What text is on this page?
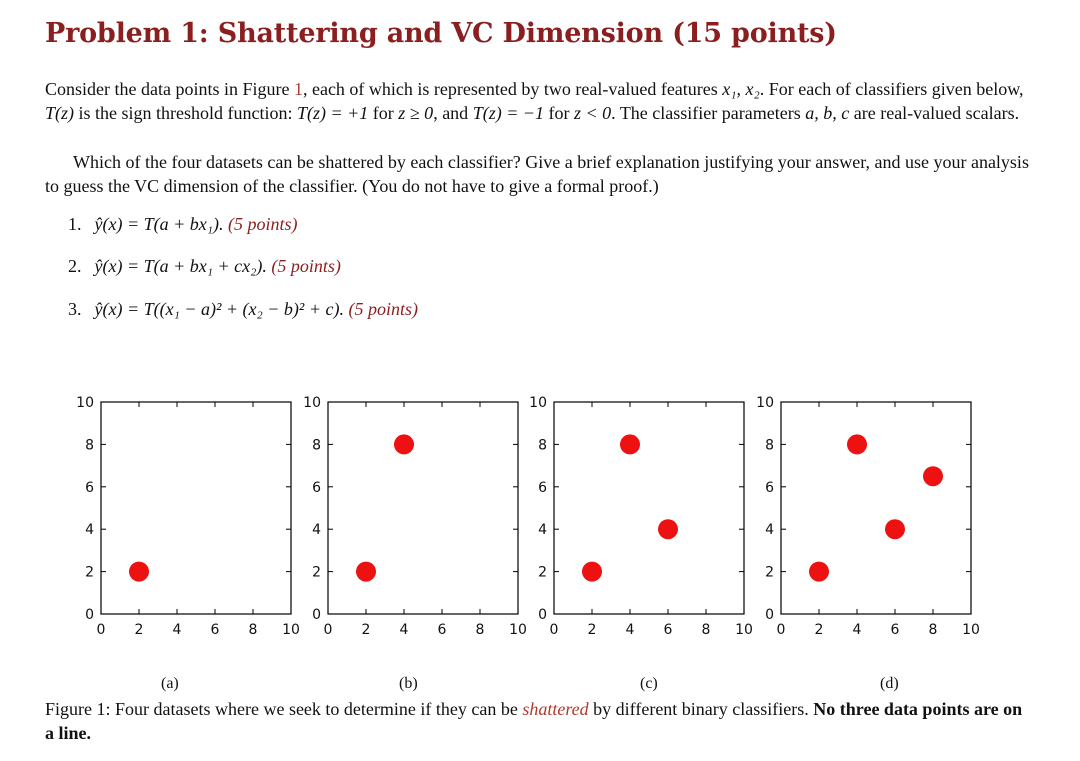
Problem 1: Shattering and VC Dimension (15 points)

Consider the data points in Figure 1, each of which is represented by two real-valued features x₁, x₂. For each of classifiers given below, T(z) is the sign threshold function: T(z) = +1 for z ≥ 0, and T(z) = −1 for z < 0. The classifier parameters a, b, c are real-valued scalars.

Which of the four datasets can be shattered by each classifier? Give a brief explanation justifying your answer, and use your analysis to guess the VC dimension of the classifier. (You do not have to give a formal proof.)

1. ŷ(x) = T(a + bx₁). (5 points)
2. ŷ(x) = T(a + bx₁ + cx₂). (5 points)
3. ŷ(x) = T((x₁ − a)² + (x₂ − b)² + c). (5 points)
0 2 4 6 8 10
0
2
4
6
8
10
0 2 4 6 8 10
0
2
4
6
8
10
0 2 4 6 8 10
0
2
4
6
8
10
0 2 4 6 8 10
0
2
4
6
8
10
(a)	(b)	(c)	(d)
Figure 1: Four datasets where we seek to determine if they can be shattered by different binary classifiers. No three data points are on a line.
